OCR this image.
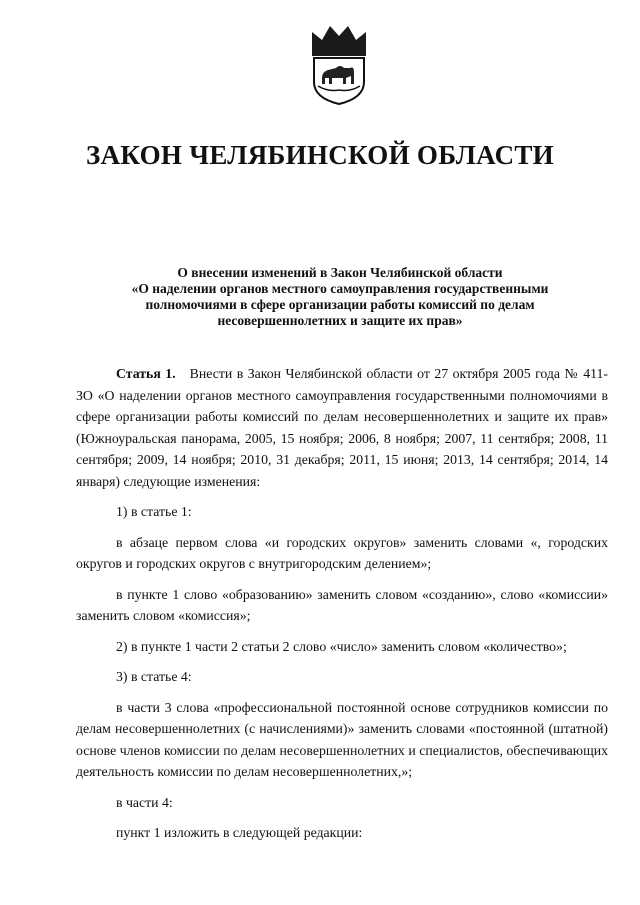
ЗАКОН ЧЕЛЯБИНСКОЙ ОБЛАСТИ
О внесении изменений в Закон Челябинской области
«О наделении органов местного самоуправления государственными
полномочиями в сфере организации работы комиссий по делам
несовершеннолетних и защите их прав»

Статья 1. Внести в Закон Челябинской области от 27 октября 2005 года № 411-ЗО «О наделении органов местного самоуправления государственными полномочиями в сфере организации работы комиссий по делам несовершеннолетних и защите их прав» (Южноуральская панорама, 2005, 15 ноября; 2006, 8 ноября; 2007, 11 сентября; 2008, 11 сентября; 2009, 14 ноября; 2010, 31 декабря; 2011, 15 июня; 2013, 14 сентября; 2014, 14 января) следующие изменения:

1) в статье 1:

в абзаце первом слова «и городских округов» заменить словами «, городских округов и городских округов с внутригородским делением»;

в пункте 1 слово «образованию» заменить словом «созданию», слово «комиссии» заменить словом «комиссия»;

2) в пункте 1 части 2 статьи 2 слово «число» заменить словом «количество»;

3) в статье 4:

в части 3 слова «профессиональной постоянной основе сотрудников комиссии по делам несовершеннолетних (с начислениями)» заменить словами «постоянной (штатной) основе членов комиссии по делам несовершеннолетних и специалистов, обеспечивающих деятельность комиссии по делам несовершеннолетних,»;

в части 4:

пункт 1 изложить в следующей редакции:
